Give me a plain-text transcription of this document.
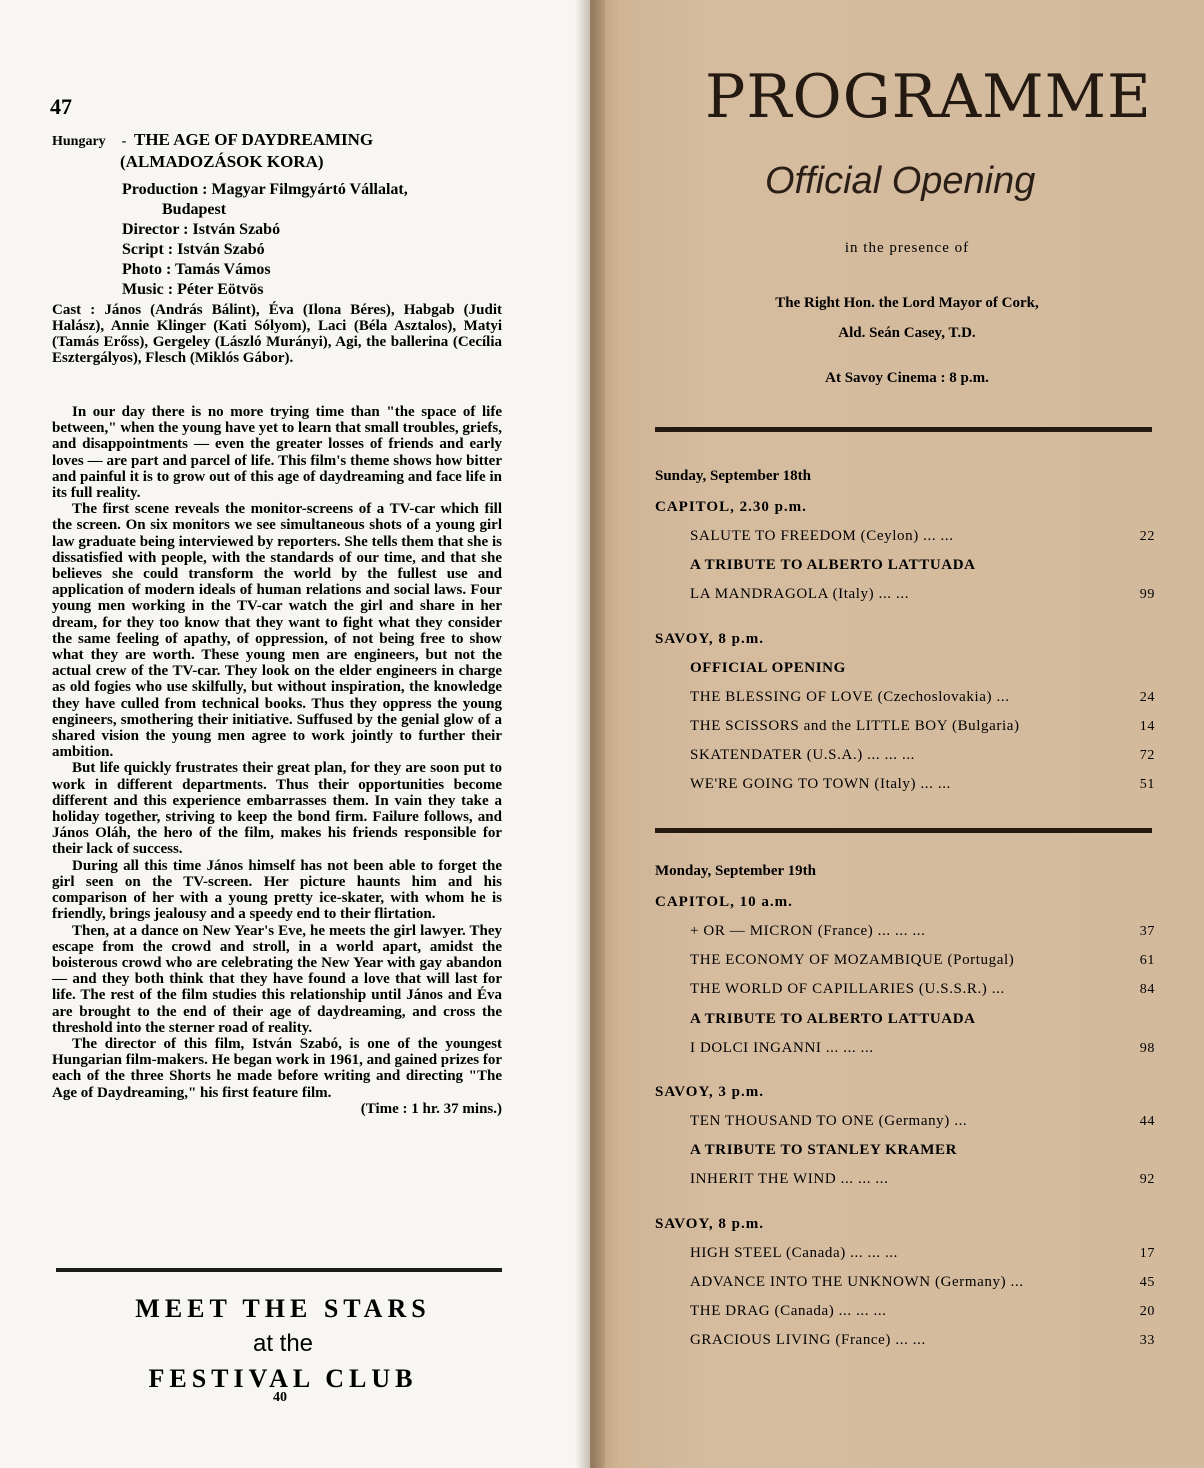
47
Hungary - THE AGE OF DAYDREAMING
(ALMADOZÁSOK KORA)
Production : Magyar Filmgyártó Vállalat,
Budapest
Director : István Szabó
Script : István Szabó
Photo : Tamás Vámos
Music : Péter Eötvös
Cast : János (András Bálint), Éva (Ilona Béres), Habgab (Judit Halász), Annie Klinger (Kati Sólyom), Laci (Béla Asztalos), Matyi (Tamás Erőss), Gergeley (László Murányi), Agi, the ballerina (Cecília Esztergályos), Flesch (Miklós Gábor).

In our day there is no more trying time than "the space of life between," when the young have yet to learn that small troubles, griefs, and disappointments — even the greater losses of friends and early loves — are part and parcel of life. This film's theme shows how bitter and painful it is to grow out of this age of daydreaming and face life in its full reality.

The first scene reveals the monitor-screens of a TV-car which fill the screen. On six monitors we see simultaneous shots of a young girl law graduate being interviewed by reporters. She tells them that she is dissatisfied with people, with the standards of our time, and that she believes she could transform the world by the fullest use and application of modern ideals of human relations and social laws. Four young men working in the TV-car watch the girl and share in her dream, for they too know that they want to fight what they consider the same feeling of apathy, of oppression, of not being free to show what they are worth. These young men are engineers, but not the actual crew of the TV-car. They look on the elder engineers in charge as old fogies who use skilfully, but without inspiration, the knowledge they have culled from technical books. Thus they oppress the young engineers, smothering their initiative. Suffused by the genial glow of a shared vision the young men agree to work jointly to further their ambition.

But life quickly frustrates their great plan, for they are soon put to work in different departments. Thus their opportunities become different and this experience embarrasses them. In vain they take a holiday together, striving to keep the bond firm. Failure follows, and János Oláh, the hero of the film, makes his friends responsible for their lack of success.

During all this time János himself has not been able to forget the girl seen on the TV-screen. Her picture haunts him and his comparison of her with a young pretty ice-skater, with whom he is friendly, brings jealousy and a speedy end to their flirtation.

Then, at a dance on New Year's Eve, he meets the girl lawyer. They escape from the crowd and stroll, in a world apart, amidst the boisterous crowd who are celebrating the New Year with gay abandon — and they both think that they have found a love that will last for life. The rest of the film studies this relationship until János and Éva are brought to the end of their age of daydreaming, and cross the threshold into the sterner road of reality.

The director of this film, István Szabó, is one of the youngest Hungarian film-makers. He began work in 1961, and gained prizes for each of the three Shorts he made before writing and directing "The Age of Daydreaming," his first feature film.

(Time : 1 hr. 37 mins.)
MEET THE STARS
at the
FESTIVAL CLUB
40
PROGRAMME
Official Opening
in the presence of
The Right Hon. the Lord Mayor of Cork,
Ald. Seán Casey, T.D.
At Savoy Cinema : 8 p.m.
Sunday, September 18th
CAPITOL, 2.30 p.m.
SALUTE TO FREEDOM (Ceylon) ... ...	22
A TRIBUTE TO ALBERTO LATTUADA
LA MANDRAGOLA (Italy) ... ...	99
SAVOY, 8 p.m.
OFFICIAL OPENING
THE BLESSING OF LOVE (Czechoslovakia) ...	24
THE SCISSORS and the LITTLE BOY (Bulgaria)	14
SKATENDATER (U.S.A.) ... ... ...	72
WE'RE GOING TO TOWN (Italy) ... ...	51
Monday, September 19th
CAPITOL, 10 a.m.
+ OR — MICRON (France) ... ... ...	37
THE ECONOMY OF MOZAMBIQUE (Portugal)	61
THE WORLD OF CAPILLARIES (U.S.S.R.) ...	84
A TRIBUTE TO ALBERTO LATTUADA
I DOLCI INGANNI ... ... ...	98
SAVOY, 3 p.m.
TEN THOUSAND TO ONE (Germany) ...	44
A TRIBUTE TO STANLEY KRAMER
INHERIT THE WIND ... ... ...	92
SAVOY, 8 p.m.
HIGH STEEL (Canada) ... ... ...	17
ADVANCE INTO THE UNKNOWN (Germany) ...	45
THE DRAG (Canada) ... ... ...	20
GRACIOUS LIVING (France) ... ...	33
